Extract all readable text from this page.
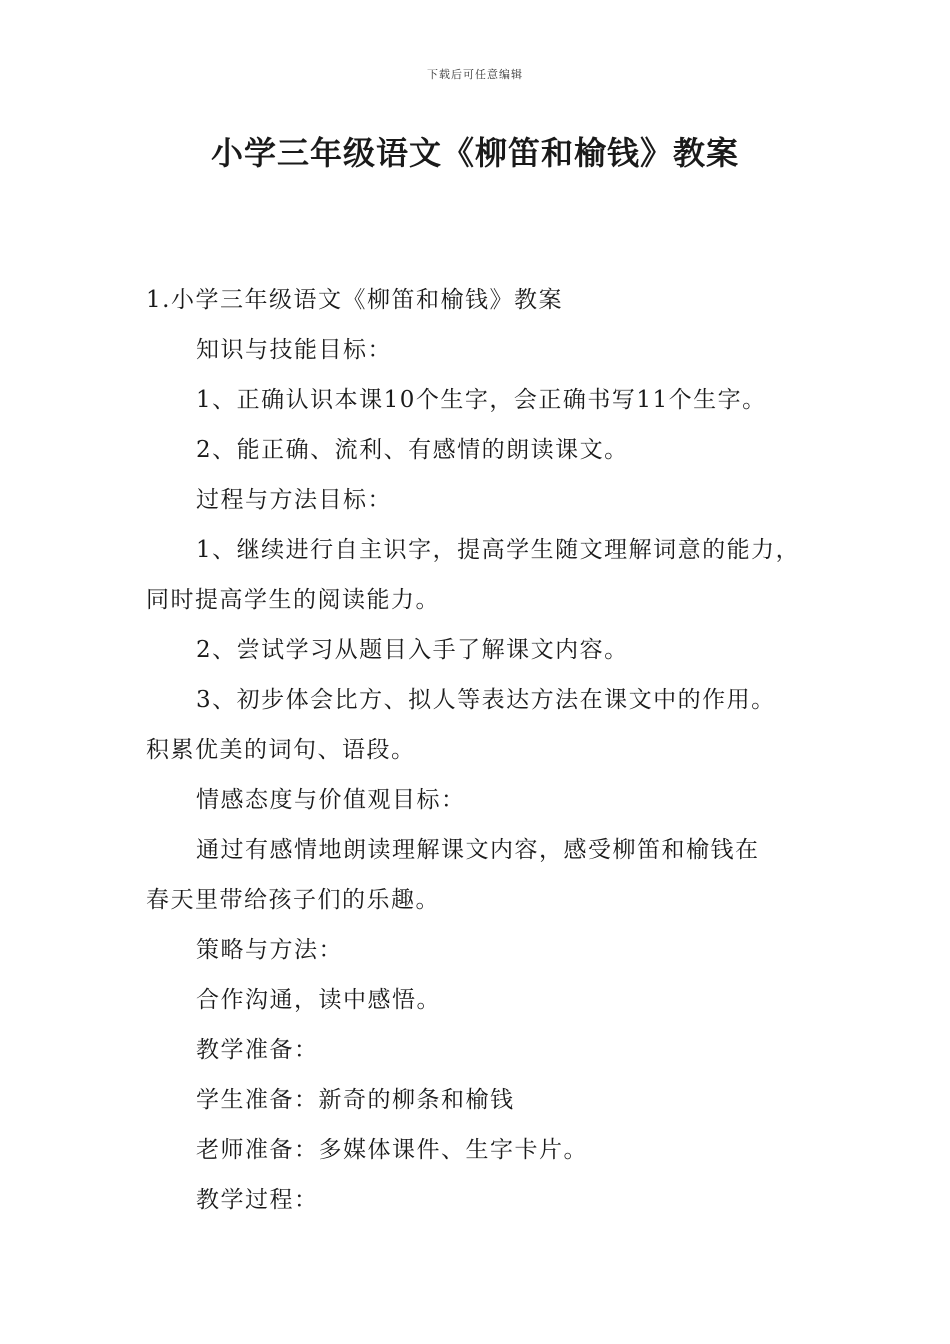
下载后可任意编辑
小学三年级语文《柳笛和榆钱》教案
1.小学三年级语文《柳笛和榆钱》教案
知识与技能目标：
1、正确认识本课10个生字，会正确书写11个生字。
2、能正确、流利、有感情的朗读课文。
过程与方法目标：
1、继续进行自主识字，提高学生随文理解词意的能力，
同时提高学生的阅读能力。
2、尝试学习从题目入手了解课文内容。
3、初步体会比方、拟人等表达方法在课文中的作用。
积累优美的词句、语段。
情感态度与价值观目标：
通过有感情地朗读理解课文内容，感受柳笛和榆钱在
春天里带给孩子们的乐趣。
策略与方法：
合作沟通，读中感悟。
教学准备：
学生准备：新奇的柳条和榆钱
老师准备：多媒体课件、生字卡片。
教学过程：
